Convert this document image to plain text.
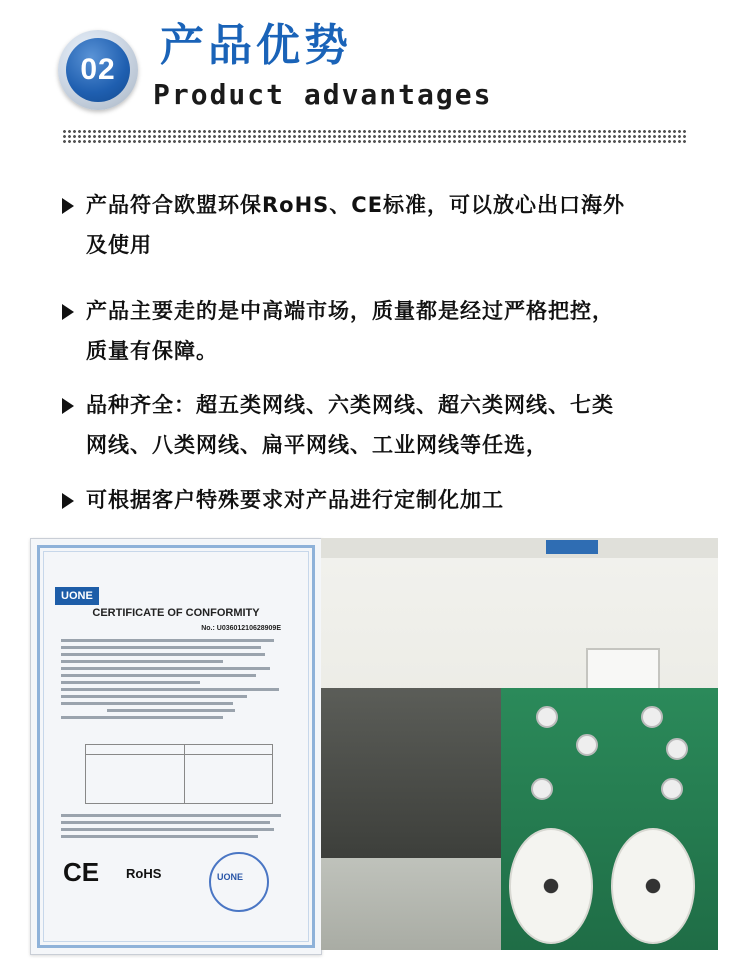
02	产品优势
Product advantages
产品符合欧盟环保RoHS、CE标准，可以放心出口海外
及使用
产品主要走的是中高端市场，质量都是经过严格把控，
质量有保障。
品种齐全：超五类网线、六类网线、超六类网线、七类
网线、八类网线、扁平网线、工业网线等任选，
可根据客户特殊要求对产品进行定制化加工
UONE
CERTIFICATE OF CONFORMITY
No.: U03601210628909E
CE RoHS	UONE
